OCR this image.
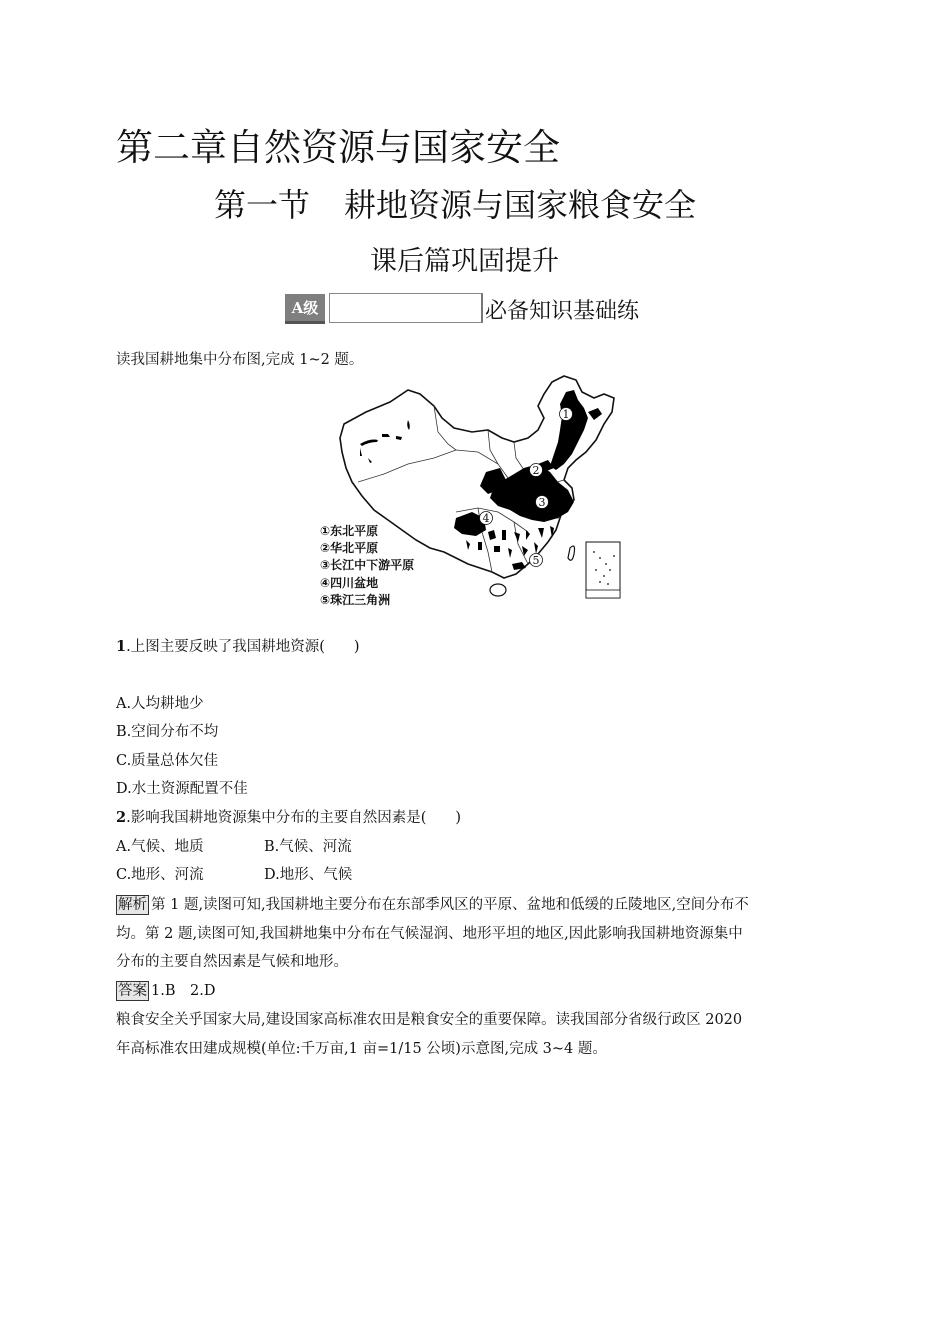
第二章自然资源与国家安全
第一节 耕地资源与国家粮食安全
课后篇巩固提升
A级	必备知识基础练
读我国耕地集中分布图,完成 1~2 题。
1
2
3
4
5
①东北平原
②华北平原
③长江中下游平原
④四川盆地
⑤珠江三角洲
1.上图主要反映了我国耕地资源(　　)
A.人均耕地少
B.空间分布不均
C.质量总体欠佳
D.水土资源配置不佳
2.影响我国耕地资源集中分布的主要自然因素是(　　)
A.气候、地质	B.气候、河流
C.地形、河流	D.地形、气候
解析 第 1 题,读图可知,我国耕地主要分布在东部季风区的平原、盆地和低缓的丘陵地区,空间分布不
均。第 2 题,读图可知,我国耕地集中分布在气候湿润、地形平坦的地区,因此影响我国耕地资源集中
分布的主要自然因素是气候和地形。
答案 1.B　2.D
粮食安全关乎国家大局,建设国家高标准农田是粮食安全的重要保障。读我国部分省级行政区 2020
年高标准农田建成规模(单位:千万亩,1 亩=1/15 公顷)示意图,完成 3~4 题。
